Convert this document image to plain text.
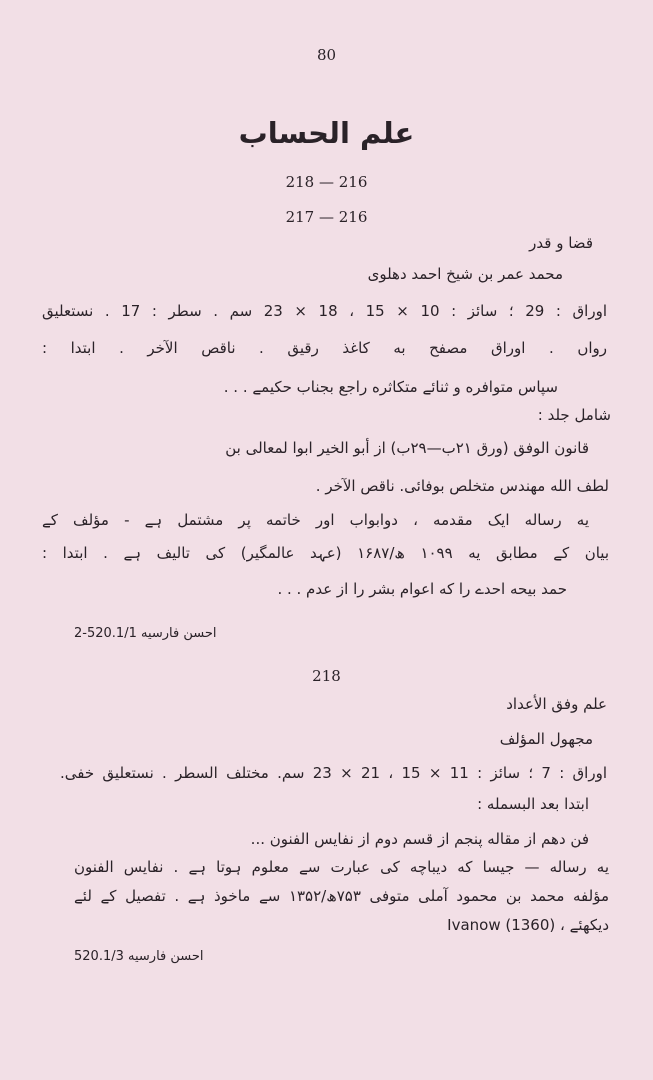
80
علم الحساب
218 — 216
217 — 216
قضا و قدر
محمد عمر بن شیخ احمد دھلوی
اوراق : 29 ؛ سائز : 10 × 15 ، 18 × 23 سم . سطر : 17 . نستعلیق
رواں . اوراق مصفح به کاغذ رقیق . ناقص الآخر . ابتدا :
سپاس متوافره و ثنائے متکاثره راجع بجناب حکیمے . . .
شامل جلد :
قانون الوفق (ورق ۲۱ب—۲۹ب) از أبو الخیر ابوا لمعالی بن
لطف الله مهندس متخلص بوفائی. ناقص الآخر .
یه رساله ایک مقدمه ، دوابواب اور خاتمه پر مشتمل ہے - مؤلف کے
بیان کے مطابق یه ۱۰۹۹ ھ/۱۶۸۷ (عہد عالمگیر) کی تالیف ہے . ابتدا :
حمد بیحه احدے را که اعوام بشر را از عدم . . .
احسن فارسیه 520.1/1-2
218
علم وفق الأعداد
مجهول المؤلف
اوراق : 7 ؛ سائز : 11 × 15 ، 21 × 23 سم. مختلف السطر . نستعلیق خفی.
ابتدا بعد البسمله :
فن دهم از مقاله پنجم از قسم دوم از نفایس الفنون ...
یه رساله — جیسا که دیباچه کی عبارت سے معلوم ہوتا ہے . نفایس الفنون
مؤلفه محمد بن محمود آملی متوفی ۷۵۳ھ/۱۳۵۲ سے ماخوذ ہے . تفصیل کے لئے
دیکھئے ، Ivanow (1360)
احسن فارسیه 520.1/3
